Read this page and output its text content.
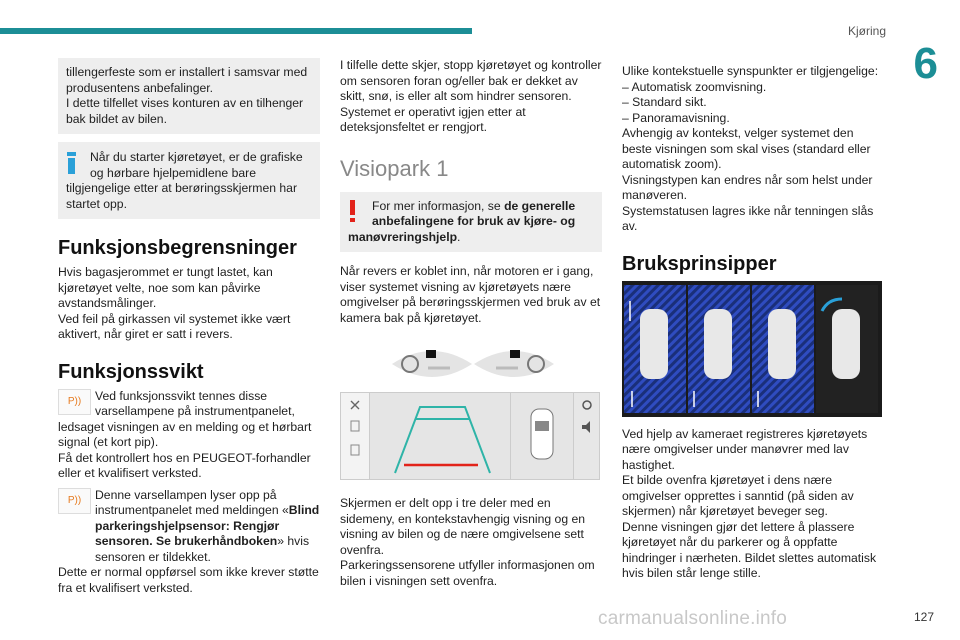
Kjøring
6

tillengerfeste som er installert i samsvar med produsentens anbefalinger.
I dette tilfellet vises konturen av en tilhenger bak bildet av bilen.

Når du starter kjøretøyet, er de grafiske og hørbare hjelpemidlene bare
tilgjengelige etter at berøringsskjermen har startet opp.
Funksjonsbegrensninger

Hvis bagasjerommet er tungt lastet, kan kjøretøyet velte, noe som kan påvirke avstandsmålinger.
Ved feil på girkassen vil systemet ikke vært aktivert, når giret er satt i revers.

Funksjonssvikt
P))	Ved funksjonssvikt tennes disse varsellampene på instrumentpanelet,

ledsaget visningen av en melding og et hørbart signal (et kort pip).
Få det kontrollert hos en PEUGEOT-forhandler eller et kvalifisert verksted.

P))	Denne varsellampen lyser opp på instrumentpanelet med meldingen «Blind parkeringshjelpsensor: Rengjør sensoren. Se brukerhåndboken» hvis sensoren er tildekket.

Dette er normal oppførsel som ikke krever støtte fra et kvalifisert verksted.

I tilfelle dette skjer, stopp kjøretøyet og kontroller om sensoren foran og/eller bak er dekket av skitt, snø, is eller alt som hindrer sensoren. Systemet er operativt igjen etter at deteksjonsfeltet er rengjort.

Visiopark 1
For mer informasjon, se de generelle anbefalingene for bruk av kjøre- og
manøvreringshjelp.

Når revers er koblet inn, når motoren er i gang, viser systemet visning av kjøretøyets nære omgivelser på berøringsskjermen ved bruk av et kamera bak på kjøretøyet.

Skjermen er delt opp i tre deler med en sidemeny, en kontekstavhengig visning og en visning av bilen og de nære omgivelsene sett ovenfra.
Parkeringssensorene utfyller informasjonen om bilen i visningen sett ovenfra.

Ulike kontekstuelle synspunkter er tilgjengelige:
– Automatisk zoomvisning.
– Standard sikt.
– Panoramavisning.
Avhengig av kontekst, velger systemet den beste visningen som skal vises (standard eller automatisk zoom).
Visningstypen kan endres når som helst under manøveren.
Systemstatusen lagres ikke når tenningen slås av.

Bruksprinsipper

Ved hjelp av kameraet registreres kjøretøyets nære omgivelser under manøvrer med lav hastighet.
Et bilde ovenfra kjøretøyet i dens nære omgivelser opprettes i sanntid (på siden av skjermen) når kjøretøyet beveger seg.
Denne visningen gjør det lettere å plassere kjøretøyet når du parkerer og å oppfatte hindringer i nærheten. Bildet slettes automatisk hvis bilen står lenge stille.

127
carmanualsonline.info
